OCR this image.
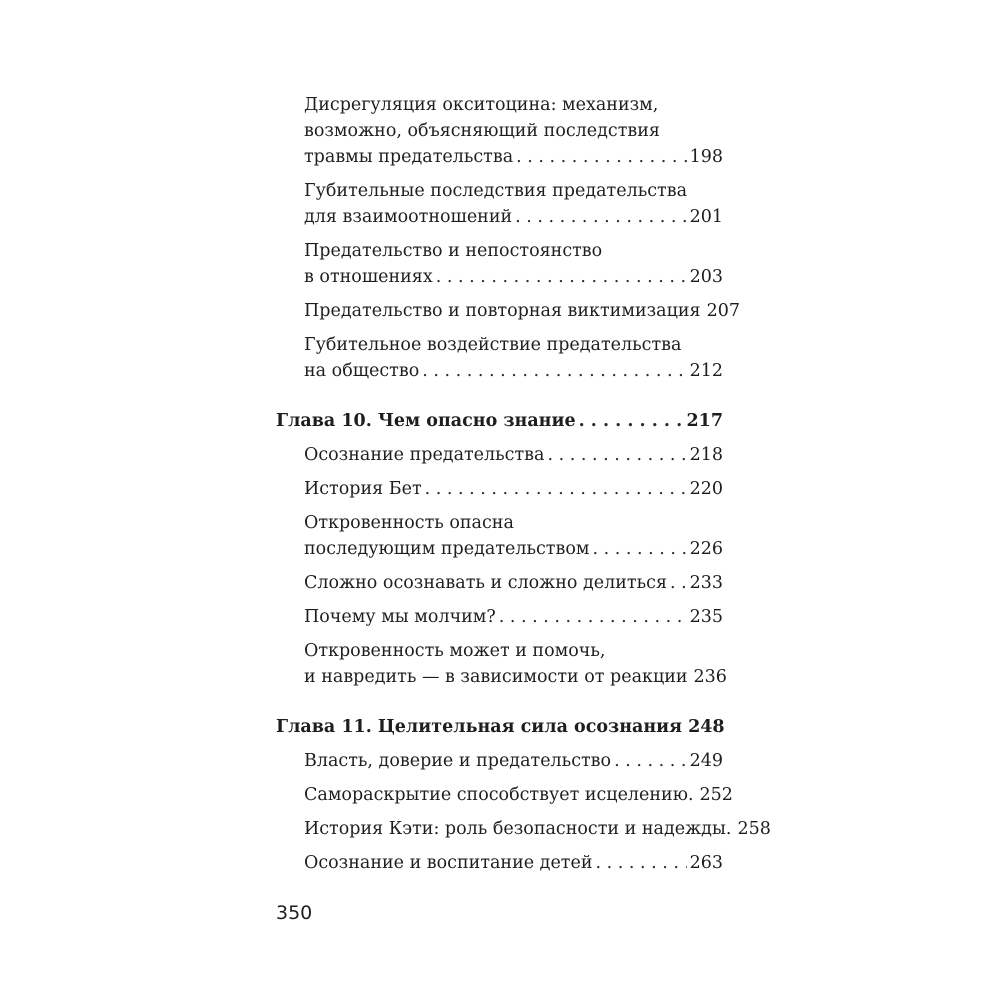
Дисрегуляция окситоцина: механизм,
возможно, объясняющий последствия
травмы предательства . . .	198
Губительные последствия предательства
для взаимоотношений . . .	201
Предательство и непостоянство
в отношениях . . .	203
Предательство и повторная виктимизация 207
Губительное воздействие предательства
на общество . . .	212
Глава 10. Чем опасно знание . . .	217
Осознание предательства . . .	218
История Бет . . .	220
Откровенность опасна
последующим предательством . . .	226
Сложно осознавать и сложно делиться . . . 233
Почему мы молчим? . . .	235
Откровенность может и помочь,
и навредить — в зависимости от реакции 236
Глава 11. Целительная сила осознания 248
Власть, доверие и предательство . . .	249
Самораскрытие способствует исцелению. 252
История Кэти: роль безопасности и надежды. 258
Осознание и воспитание детей . . .	263
350
